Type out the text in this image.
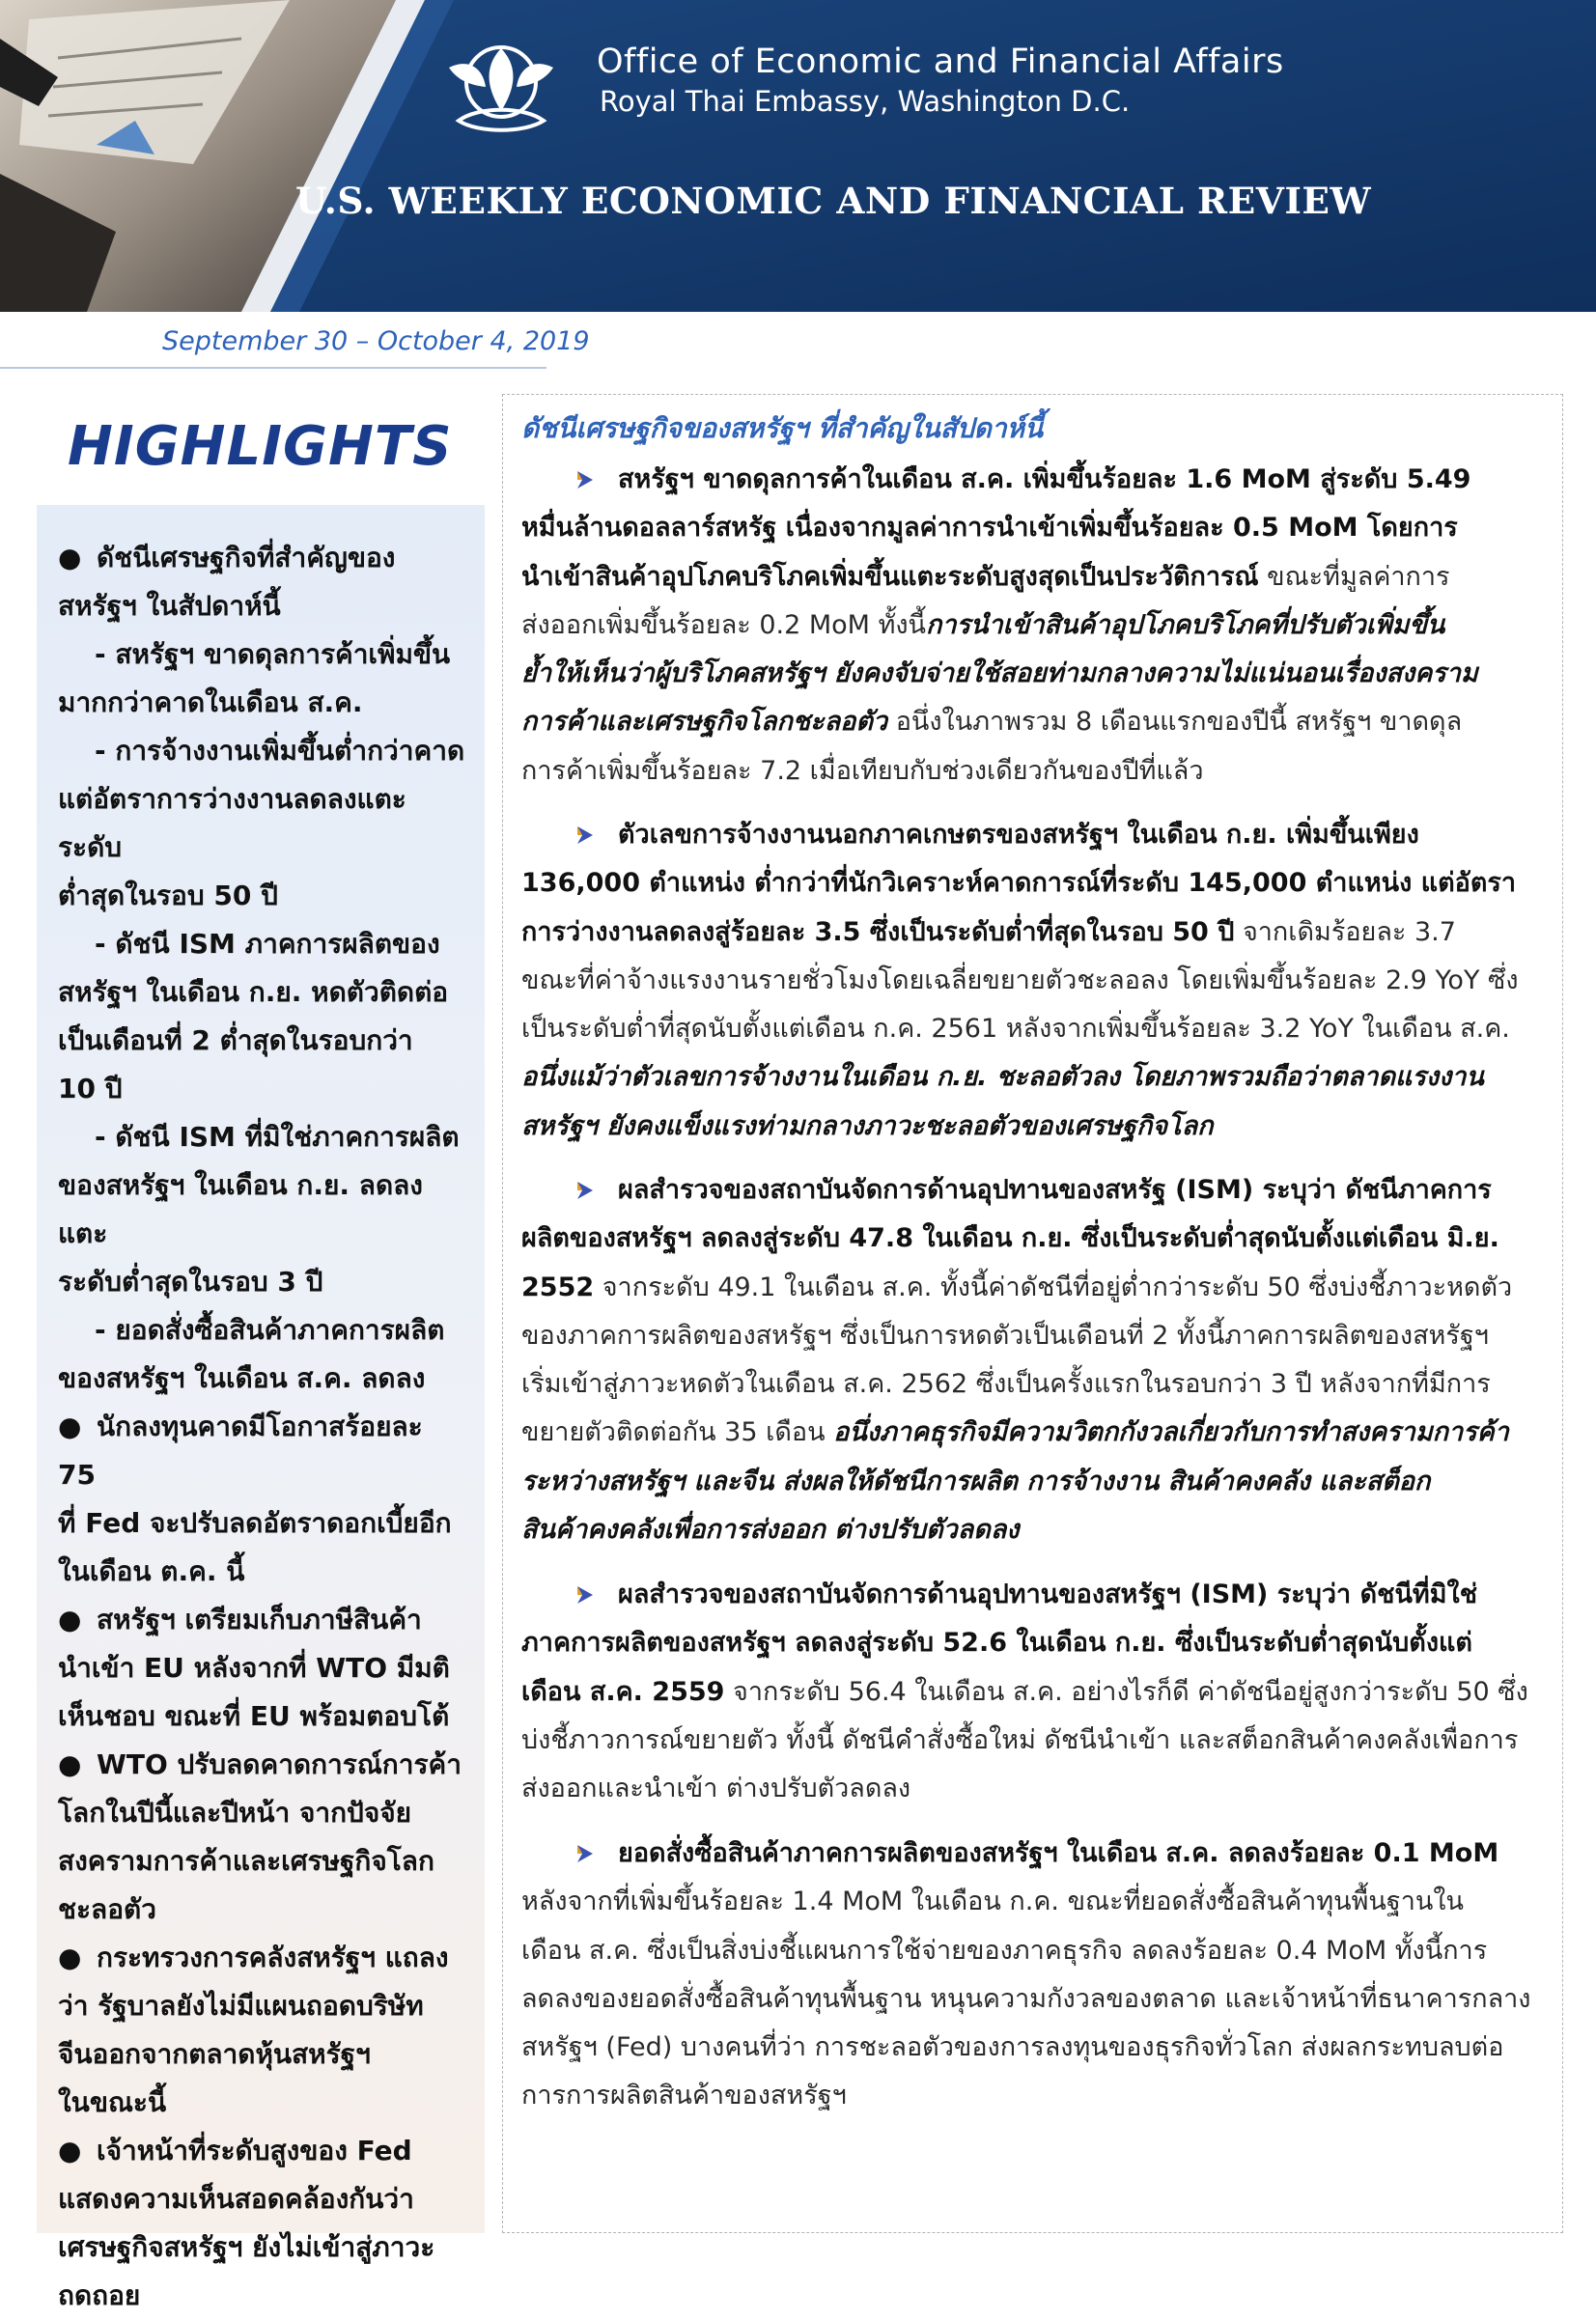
Office of Economic and Financial Affairs
Royal Thai Embassy, Washington D.C.
U.S. WEEKLY ECONOMIC AND FINANCIAL REVIEW
September 30 – October 4, 2019
HIGHLIGHTS
● ดัชนีเศรษฐกิจที่สำคัญของ
สหรัฐฯ ในสัปดาห์นี้
- สหรัฐฯ ขาดดุลการค้าเพิ่มขึ้น
มากกว่าคาดในเดือน ส.ค.
- การจ้างงานเพิ่มขึ้นต่ำกว่าคาด
แต่อัตราการว่างงานลดลงแตะระดับ
ต่ำสุดในรอบ 50 ปี
- ดัชนี ISM ภาคการผลิตของ
สหรัฐฯ ในเดือน ก.ย. หดตัวติดต่อ
เป็นเดือนที่ 2 ต่ำสุดในรอบกว่า
10 ปี
- ดัชนี ISM ที่มิใช่ภาคการผลิต
ของสหรัฐฯ ในเดือน ก.ย. ลดลงแตะ
ระดับต่ำสุดในรอบ 3 ปี
- ยอดสั่งซื้อสินค้าภาคการผลิต
ของสหรัฐฯ ในเดือน ส.ค. ลดลง
● นักลงทุนคาดมีโอกาสร้อยละ 75
ที่ Fed จะปรับลดอัตราดอกเบี้ยอีก
ในเดือน ต.ค. นี้
● สหรัฐฯ เตรียมเก็บภาษีสินค้า
นำเข้า EU หลังจากที่ WTO มีมติ
เห็นชอบ ขณะที่ EU พร้อมตอบโต้
● WTO ปรับลดคาดการณ์การค้า
โลกในปีนี้และปีหน้า จากปัจจัย
สงครามการค้าและเศรษฐกิจโลก
ชะลอตัว
● กระทรวงการคลังสหรัฐฯ แถลง
ว่า รัฐบาลยังไม่มีแผนถอดบริษัท
จีนออกจากตลาดหุ้นสหรัฐฯ
ในขณะนี้
● เจ้าหน้าที่ระดับสูงของ Fed
แสดงความเห็นสอดคล้องกันว่า
เศรษฐกิจสหรัฐฯ ยังไม่เข้าสู่ภาวะ
ถดถอย
ดัชนีเศรษฐกิจของสหรัฐฯ ที่สำคัญในสัปดาห์นี้
สหรัฐฯ ขาดดุลการค้าในเดือน ส.ค. เพิ่มขึ้นร้อยละ 1.6 MoM สู่ระดับ 5.49
หมื่นล้านดอลลาร์สหรัฐ เนื่องจากมูลค่าการนำเข้าเพิ่มขึ้นร้อยละ 0.5 MoM โดยการ
นำเข้าสินค้าอุปโภคบริโภคเพิ่มขึ้นแตะระดับสูงสุดเป็นประวัติการณ์ ขณะที่มูลค่าการ
ส่งออกเพิ่มขึ้นร้อยละ 0.2 MoM ทั้งนี้การนำเข้าสินค้าอุปโภคบริโภคที่ปรับตัวเพิ่มขึ้น
ย้ำให้เห็นว่าผู้บริโภคสหรัฐฯ ยังคงจับจ่ายใช้สอยท่ามกลางความไม่แน่นอนเรื่องสงคราม
การค้าและเศรษฐกิจโลกชะลอตัว อนึ่งในภาพรวม 8 เดือนแรกของปีนี้ สหรัฐฯ ขาดดุล
การค้าเพิ่มขึ้นร้อยละ 7.2 เมื่อเทียบกับช่วงเดียวกันของปีที่แล้ว
ตัวเลขการจ้างงานนอกภาคเกษตรของสหรัฐฯ ในเดือน ก.ย. เพิ่มขึ้นเพียง
136,000 ตำแหน่ง ต่ำกว่าที่นักวิเคราะห์คาดการณ์ที่ระดับ 145,000 ตำแหน่ง แต่อัตรา
การว่างงานลดลงสู่ร้อยละ 3.5 ซึ่งเป็นระดับต่ำที่สุดในรอบ 50 ปี จากเดิมร้อยละ 3.7
ขณะที่ค่าจ้างแรงงานรายชั่วโมงโดยเฉลี่ยขยายตัวชะลอลง โดยเพิ่มขึ้นร้อยละ 2.9 YoY ซึ่ง
เป็นระดับต่ำที่สุดนับตั้งแต่เดือน ก.ค. 2561 หลังจากเพิ่มขึ้นร้อยละ 3.2 YoY ในเดือน ส.ค.
อนึ่งแม้ว่าตัวเลขการจ้างงานในเดือน ก.ย. ชะลอตัวลง โดยภาพรวมถือว่าตลาดแรงงาน
สหรัฐฯ ยังคงแข็งแรงท่ามกลางภาวะชะลอตัวของเศรษฐกิจโลก
ผลสำรวจของสถาบันจัดการด้านอุปทานของสหรัฐ (ISM) ระบุว่า ดัชนีภาคการ
ผลิตของสหรัฐฯ ลดลงสู่ระดับ 47.8 ในเดือน ก.ย. ซึ่งเป็นระดับต่ำสุดนับตั้งแต่เดือน มิ.ย.
2552 จากระดับ 49.1 ในเดือน ส.ค. ทั้งนี้ค่าดัชนีที่อยู่ต่ำกว่าระดับ 50 ซึ่งบ่งชี้ภาวะหดตัว
ของภาคการผลิตของสหรัฐฯ ซึ่งเป็นการหดตัวเป็นเดือนที่ 2 ทั้งนี้ภาคการผลิตของสหรัฐฯ
เริ่มเข้าสู่ภาวะหดตัวในเดือน ส.ค. 2562 ซึ่งเป็นครั้งแรกในรอบกว่า 3 ปี หลังจากที่มีการ
ขยายตัวติดต่อกัน 35 เดือน อนึ่งภาคธุรกิจมีความวิตกกังวลเกี่ยวกับการทำสงครามการค้า
ระหว่างสหรัฐฯ และจีน ส่งผลให้ดัชนีการผลิต การจ้างงาน สินค้าคงคลัง และสต็อก
สินค้าคงคลังเพื่อการส่งออก ต่างปรับตัวลดลง
ผลสำรวจของสถาบันจัดการด้านอุปทานของสหรัฐฯ (ISM) ระบุว่า ดัชนีที่มิใช่
ภาคการผลิตของสหรัฐฯ ลดลงสู่ระดับ 52.6 ในเดือน ก.ย. ซึ่งเป็นระดับต่ำสุดนับตั้งแต่
เดือน ส.ค. 2559 จากระดับ 56.4 ในเดือน ส.ค. อย่างไรก็ดี ค่าดัชนีอยู่สูงกว่าระดับ 50 ซึ่ง
บ่งชี้ภาวการณ์ขยายตัว ทั้งนี้ ดัชนีคำสั่งซื้อใหม่ ดัชนีนำเข้า และสต็อกสินค้าคงคลังเพื่อการ
ส่งออกและนำเข้า ต่างปรับตัวลดลง
ยอดสั่งซื้อสินค้าภาคการผลิตของสหรัฐฯ ในเดือน ส.ค. ลดลงร้อยละ 0.1 MoM
หลังจากที่เพิ่มขึ้นร้อยละ 1.4 MoM ในเดือน ก.ค. ขณะที่ยอดสั่งซื้อสินค้าทุนพื้นฐานใน
เดือน ส.ค. ซึ่งเป็นสิ่งบ่งชี้แผนการใช้จ่ายของภาคธุรกิจ ลดลงร้อยละ 0.4 MoM ทั้งนี้การ
ลดลงของยอดสั่งซื้อสินค้าทุนพื้นฐาน หนุนความกังวลของตลาด และเจ้าหน้าที่ธนาคารกลาง
สหรัฐฯ (Fed) บางคนที่ว่า การชะลอตัวของการลงทุนของธุรกิจทั่วโลก ส่งผลกระทบลบต่อ
การการผลิตสินค้าของสหรัฐฯ
